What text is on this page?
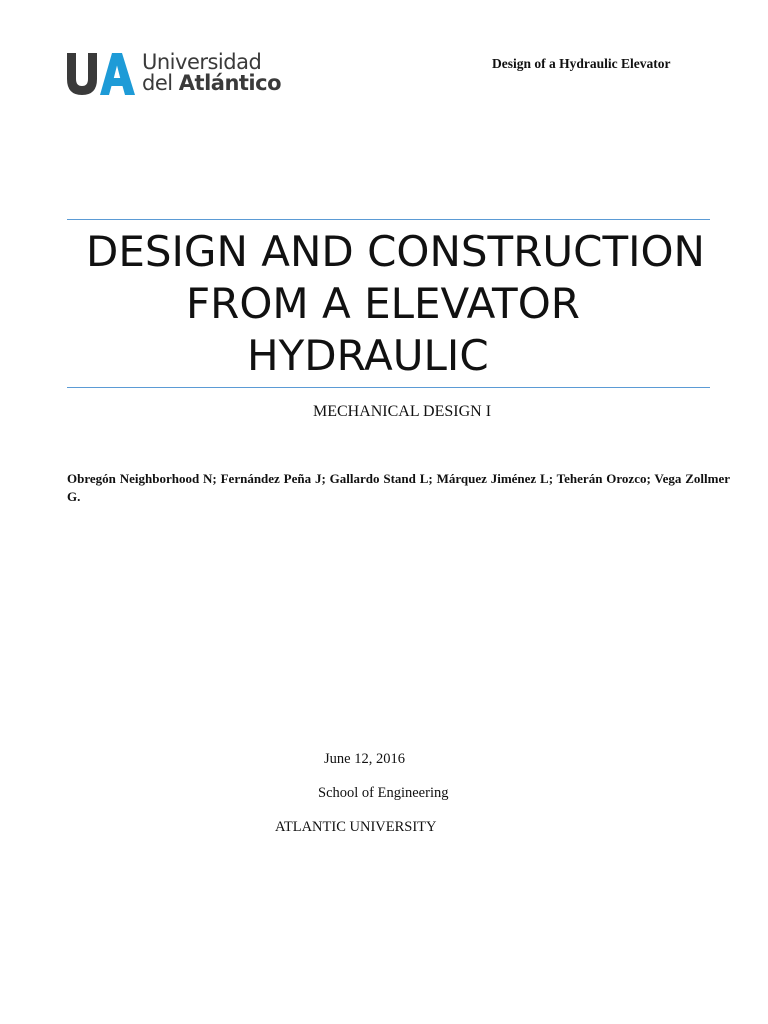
Universidad
del Atlántico
Design of a Hydraulic Elevator
DESIGN AND CONSTRUCTION
FROM A ELEVATOR
HYDRAULIC
MECHANICAL DESIGN I
Obregón Neighborhood N; Fernández Peña J; Gallardo Stand L; Márquez Jiménez L; Teherán Orozco; Vega Zollmer G.
June 12, 2016
School of Engineering
ATLANTIC UNIVERSITY
